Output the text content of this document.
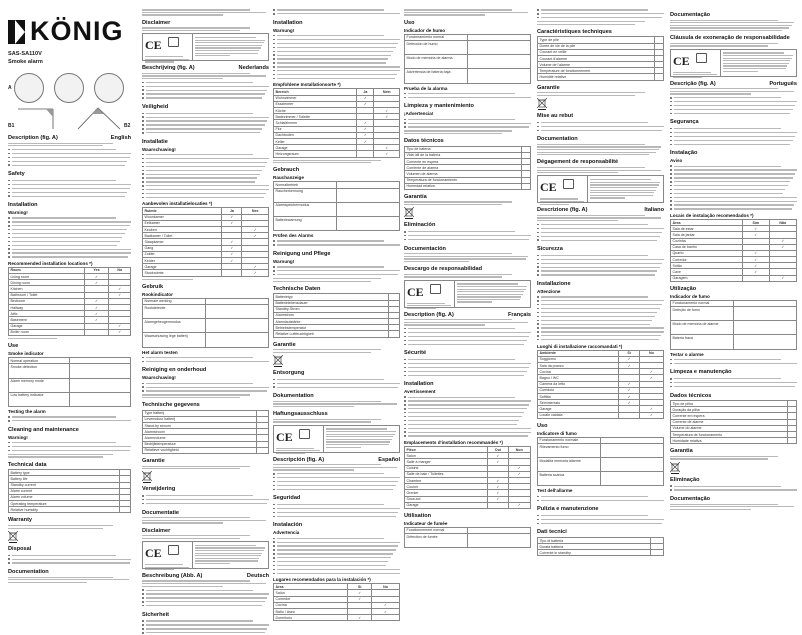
KÖNIG
SAS-SA110V
Smoke alarm
A
B1	B2
Description (fig. A)	English
Safety
Installation
Warning!
Recommended installation locations *)
Room	Yes	No
Living room	✓	
Dining room	✓	
Kitchen		✓
Bathroom / Toilet		✓
Bedroom	✓	
Hallway	✓	
Attic	✓	
Basement	✓	
Garage		✓
Boiler room		✓
Use
Smoke indicator
Normal operation	
Smoke detection	
Alarm memory mode	
Low battery indicator	
Testing the alarm
Cleaning and maintenance
Warning!
Technical data
Battery type	
Battery life	
Standby current	
Alarm current	
Alarm volume	
Operating temperature	
Relative humidity	
Warranty
Disposal
Documentation
Disclaimer
CE
Beschrijving (fig. A)	Nederlands
Veiligheid
Installatie
Waarschuwing!
Aanbevolen installatielocaties *)
Ruimte	Ja	Nee
Woonkamer	✓	
Eetkamer	✓	
Keuken		✓
Badkamer / Toilet		✓
Slaapkamer	✓	
Gang	✓	
Zolder	✓	
Kelder	✓	
Garage		✓
Stookruimte		✓
Gebruik
Rookindicator
Normale werking	
Rookdetectie	
Alarmgeheugenmodus	
Waarschuwing lege batterij	
Het alarm testen
Reiniging en onderhoud
Waarschuwing!
Technische gegevens
Type batterij	
Levensduur batterij	
Stand-by stroom	
Alarmstroom	
Alarmvolume	
Bedrijfstemperatuur	
Relatieve vochtigheid	
Garantie
Verwijdering
Documentatie
Disclaimer
CE
Beschreibung (Abb. A)	Deutsch
Sicherheit
Installation
Warnung!
Empfohlene Installationsorte *)
Bereich	Ja	Nein
Wohnzimmer	✓	
Esszimmer	✓	
Küche		✓
Badezimmer / Toilette		✓
Schlafzimmer	✓	
Flur	✓	
Dachboden	✓	
Keller	✓	
Garage		✓
Heizungsraum		✓
Gebrauch
Rauchanzeige
Normalbetrieb	
Raucherkennung	
Alarmspeichermodus	
Batteriewarnung	
Prüfen des Alarms
Reinigung und Pflege
Warnung!
Technische Daten
Batterietyp	
Batterielebensdauer	
Standby-Strom	
Alarmstrom	
Alarmlautstärke	
Betriebstemperatur	
Relative Luftfeuchtigkeit	
Garantie
Entsorgung
Dokumentation
Haftungsausschluss
CE
Descripción (fig. A)	Español
Seguridad
Instalación
Advertencia
Lugares recomendados para la instalación *)
Área	Sí	No
Salón	✓	
Comedor	✓	
Cocina		✓
Baño / Aseo		✓
Dormitorio	✓	
Uso
Indicador de humo
Funcionamiento normal	
Detección de humo	
Modo de memoria de alarma	
Advertencia de batería baja	
Prueba de la alarma
Limpieza y mantenimiento
¡Advertencia!
Datos técnicos
Tipo de batería	
Vida útil de la batería	
Corriente en espera	
Corriente de alarma	
Volumen de alarma	
Temperatura de funcionamiento	
Humedad relativa	
Garantía
Eliminación
Documentación
Descargo de responsabilidad
CE
Description (fig. A)	Français
Sécurité
Installation
Avertissement
Emplacements d'installation recommandés *)
Pièce	Oui	Non
Salon	✓	
Salle à manger	✓	
Cuisine		✓
Salle de bain / Toilettes		✓
Chambre	✓	
Couloir	✓	
Grenier	✓	
Sous-sol	✓	
Garage		✓
Utilisation
Indicateur de fumée
Fonctionnement normal	
Détection de fumée	
Caractéristiques techniques
Type de pile	
Durée de vie de la pile	
Courant en veille	
Courant d'alarme	
Volume de l'alarme	
Température de fonctionnement	
Humidité relative	
Garantie
Mise au rebut
Documentation
Dégagement de responsabilité
CE
Descrizione (fig. A)	Italiano
Sicurezza
Installazione
Attenzione
Luoghi di installazione raccomandati *)
Ambiente	Sì	No
Soggiorno	✓	
Sala da pranzo	✓	
Cucina		✓
Bagno / WC		✓
Camera da letto	✓	
Corridoio	✓	
Soffitta	✓	
Seminterrato	✓	
Garage		✓
Locale caldaia		✓
Uso
Indicatore di fumo
Funzionamento normale	
Rilevamento fumo	
Modalità memoria allarme	
Batteria scarica	
Test dell'allarme
Pulizia e manutenzione
Dati tecnici
Tipo di batteria	
Durata batteria	
Corrente in standby	
Documentação
Cláusula de exoneração de responsabilidade
CE
Descrição (fig. A)	Português
Segurança
Instalação
Aviso
Locais de instalação recomendados *)
Área	Sim	Não
Sala de estar	✓	
Sala de jantar	✓	
Cozinha		✓
Casa de banho		✓
Quarto	✓	
Corredor	✓	
Sótão	✓	
Cave	✓	
Garagem		✓
Utilização
Indicador de fumo
Funcionamento normal	
Deteção de fumo	
Modo de memória de alarme	
Bateria fraca	
Testar o alarme
Limpeza e manutenção
Dados técnicos
Tipo de pilha	
Duração da pilha	
Corrente em espera	
Corrente de alarme	
Volume do alarme	
Temperatura de funcionamento	
Humidade relativa	
Garantia
Eliminação
Documentação
